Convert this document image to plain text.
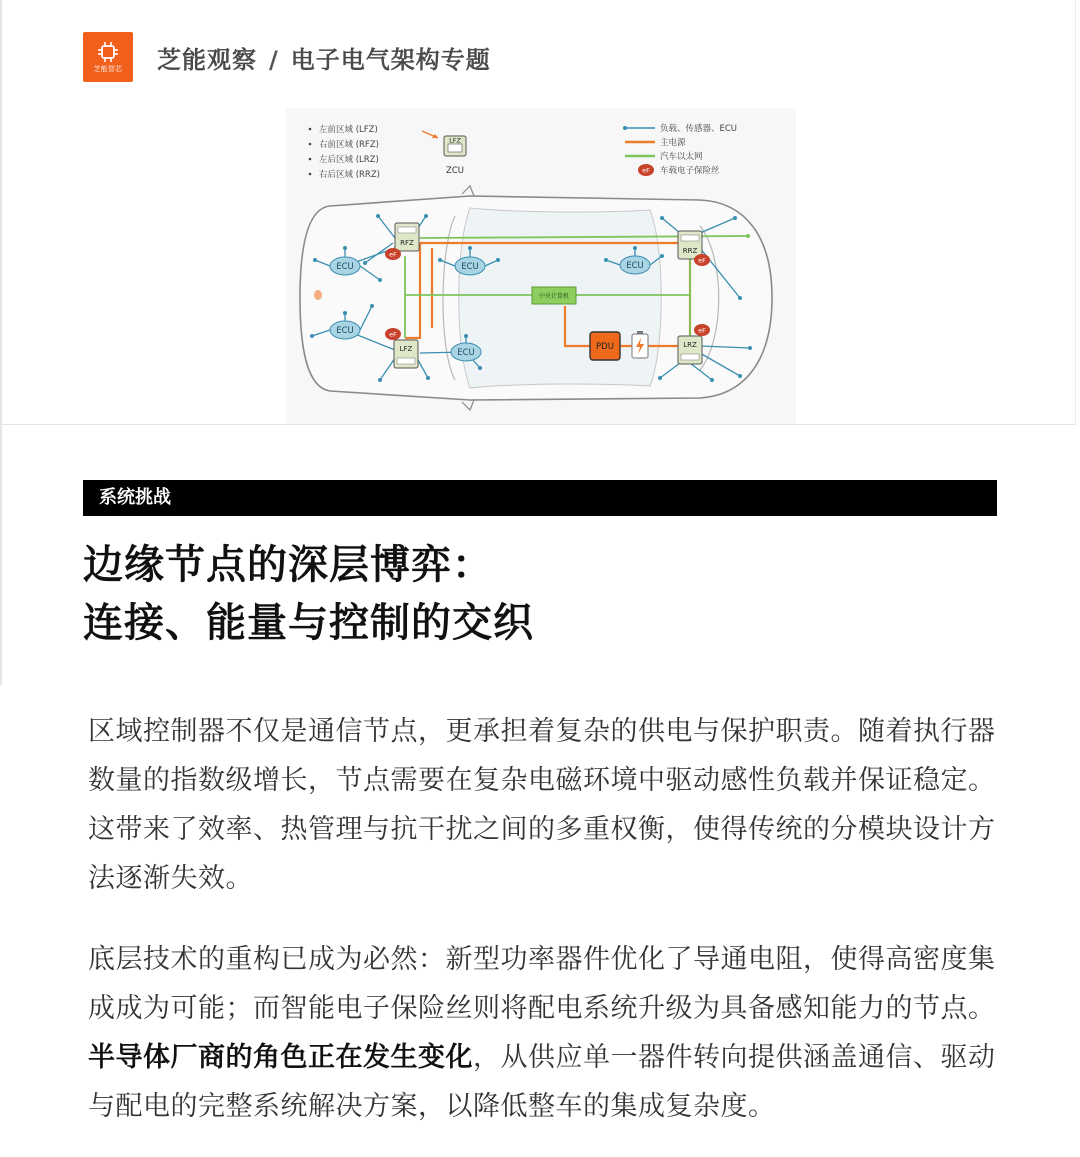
芝能智芯 芝能观察 / 电子电气架构专题
左前区域 (LFZ)
右前区域 (RFZ)
左后区域 (LRZ)
右后区域 (RRZ)
LFZ
ZCU
负载、传感器、ECU
主电源
汽车以太网
eF 车载电子保险丝
ECU	ECU	ECU
ECU
ECU
中央计算机
PDU
RFZ
RRZ
LFZ	LRZ
eF
eF
eF	eF
系统挑战
边缘节点的深层博弈：
连接、能量与控制的交织
区域控制器不仅是通信节点，更承担着复杂的供电与保护职责。随着执行器数量的指数级增长，节点需要在复杂电磁环境中驱动感性负载并保证稳定。这带来了效率、热管理与抗干扰之间的多重权衡，使得传统的分模块设计方法逐渐失效。
底层技术的重构已成为必然：新型功率器件优化了导通电阻，使得高密度集成成为可能；而智能电子保险丝则将配电系统升级为具备感知能力的节点。半导体厂商的角色正在发生变化，从供应单一器件转向提供涵盖通信、驱动与配电的完整系统解决方案，以降低整车的集成复杂度。
